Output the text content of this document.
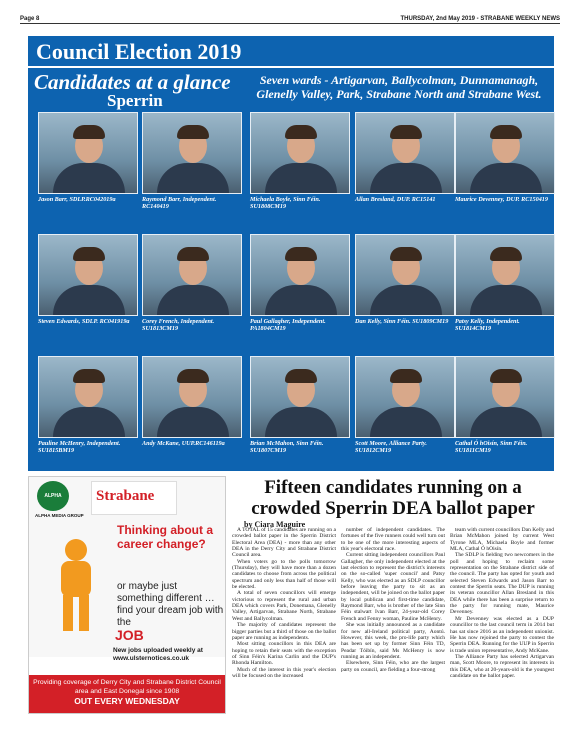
Page 8	THURSDAY, 2nd May 2019 - STRABANE WEEKLY NEWS
Council Election 2019
Candidates at a glance
Sperrin
Seven wards - Artigarvan, Ballycolman, Dunnamanagh, Glenelly Valley, Park, Strabane North and Strabane West.
Jason Barr, SDLP.RC042019a	Raymond Barr, Independent. RC140419
Michaela Boyle, Sinn Féin. SU1808CM19
Allan Bresland, DUP. RC15141	Maurice Devenney, DUP. RC150419
Steven Edwards, SDLP. RC041919a	Corey French, Independent. SU1813CM19
Paul Gallagher, Independent. PA1804CM19
Dan Kelly, Sinn Féin. SU1809CM19	Patsy Kelly, Independent. SU1814CM19
Pauline McHenry, Independent. SU1815BM19
Andy McKane, UUP.RC146119a	Brian McMahon, Sinn Féin. SU1807CM19
Scott Moore, Alliance Party. SU1812CM19
Cathal Ó hOisín, Sinn Féin. SU1811CM19
ALPHA
ALPHA MEDIA GROUP
Strabane
Thinking about a career change?
or maybe just something different …find your dream job with the
JOB
New jobs uploaded weekly at www.ulsternotices.co.uk
Providing coverage of Derry City and Strabane District Council area and East Donegal since 1908
OUT EVERY WEDNESDAY
Fifteen candidates running on a crowded Sperrin DEA ballot paper
by Ciara Maguire

A TOTAL of 15 candidates are running on a crowded ballot paper in the Sperrin District Electoral Area (DEA) - more than any other DEA in the Derry City and Strabane District Council area.

When voters go to the polls tomorrow (Thursday), they will have more than a dozen candidates to choose from across the political spectrum and only less than half of those will be elected.

A total of seven councillors will emerge victorious to represent the rural and urban DEA which covers Park, Donemana, Glenelly Valley, Artigarvan, Strabane North, Strabane West and Ballycolman.

The majority of candidates represent the bigger parties but a third of those on the ballot paper are running as independents.

Most sitting councillors in this DEA are hoping to retain their seats with the exception of Sinn Féin's Karina Carlin and the DUP's Rhonda Hamilton.

Much of the interest in this year's election will be focused on the increased

number of independent candidates. The fortunes of the five runners could well turn out to be one of the more interesting aspects of this year's electoral race.

Current sitting independent councillors Paul Gallagher, the only independent elected at the last election to represent the district's interests on the so-called 'super council' and Patsy Kelly, who was elected as an SDLP councillor before leaving the party to sit as an independent, will be joined on the ballot paper by local publican and first-time candidate, Raymond Barr, who is brother of the late Sinn Féin stalwart Ivan Barr, 24-year-old Corey French and Fenny woman, Pauline McHenry.

She was initially announced as a candidate for new all-Ireland political party, Aontú. However, this week, the pro-life party which has been set up by former Sinn Féin TD, Peadar Tóibín, said Ms McHenry is now running as an independent.

Elsewhere, Sinn Féin, who are the largest party on council, are fielding a four-strong

team with current councillors Dan Kelly and Brian McMahon joined by current West Tyrone MLA, Michaela Boyle and former MLA, Cathal Ó hOisín.

The SDLP is fielding two newcomers in the poll and hoping to reclaim some representation on the Strabane district side of the council. The party has opted for youth and selected Steven Edwards and Jason Barr to contest the Sperrin seats. The DUP is running its veteran councillor Allan Bresland in this DEA while there has been a surprise return to the party for running mate, Maurice Devenney.

Mr Devenney was elected as a DUP councillor to the last council term in 2014 but has sat since 2016 as an independent unionist. He has now rejoined the party to contest the Sperrin DEA. Running for the UUP in Sperrin is trade union representative, Andy McKane.

The Alliance Party has selected Artigarvan man, Scott Moore, to represent its interests in this DEA, who at 20-years-old is the youngest candidate on the ballot paper.
